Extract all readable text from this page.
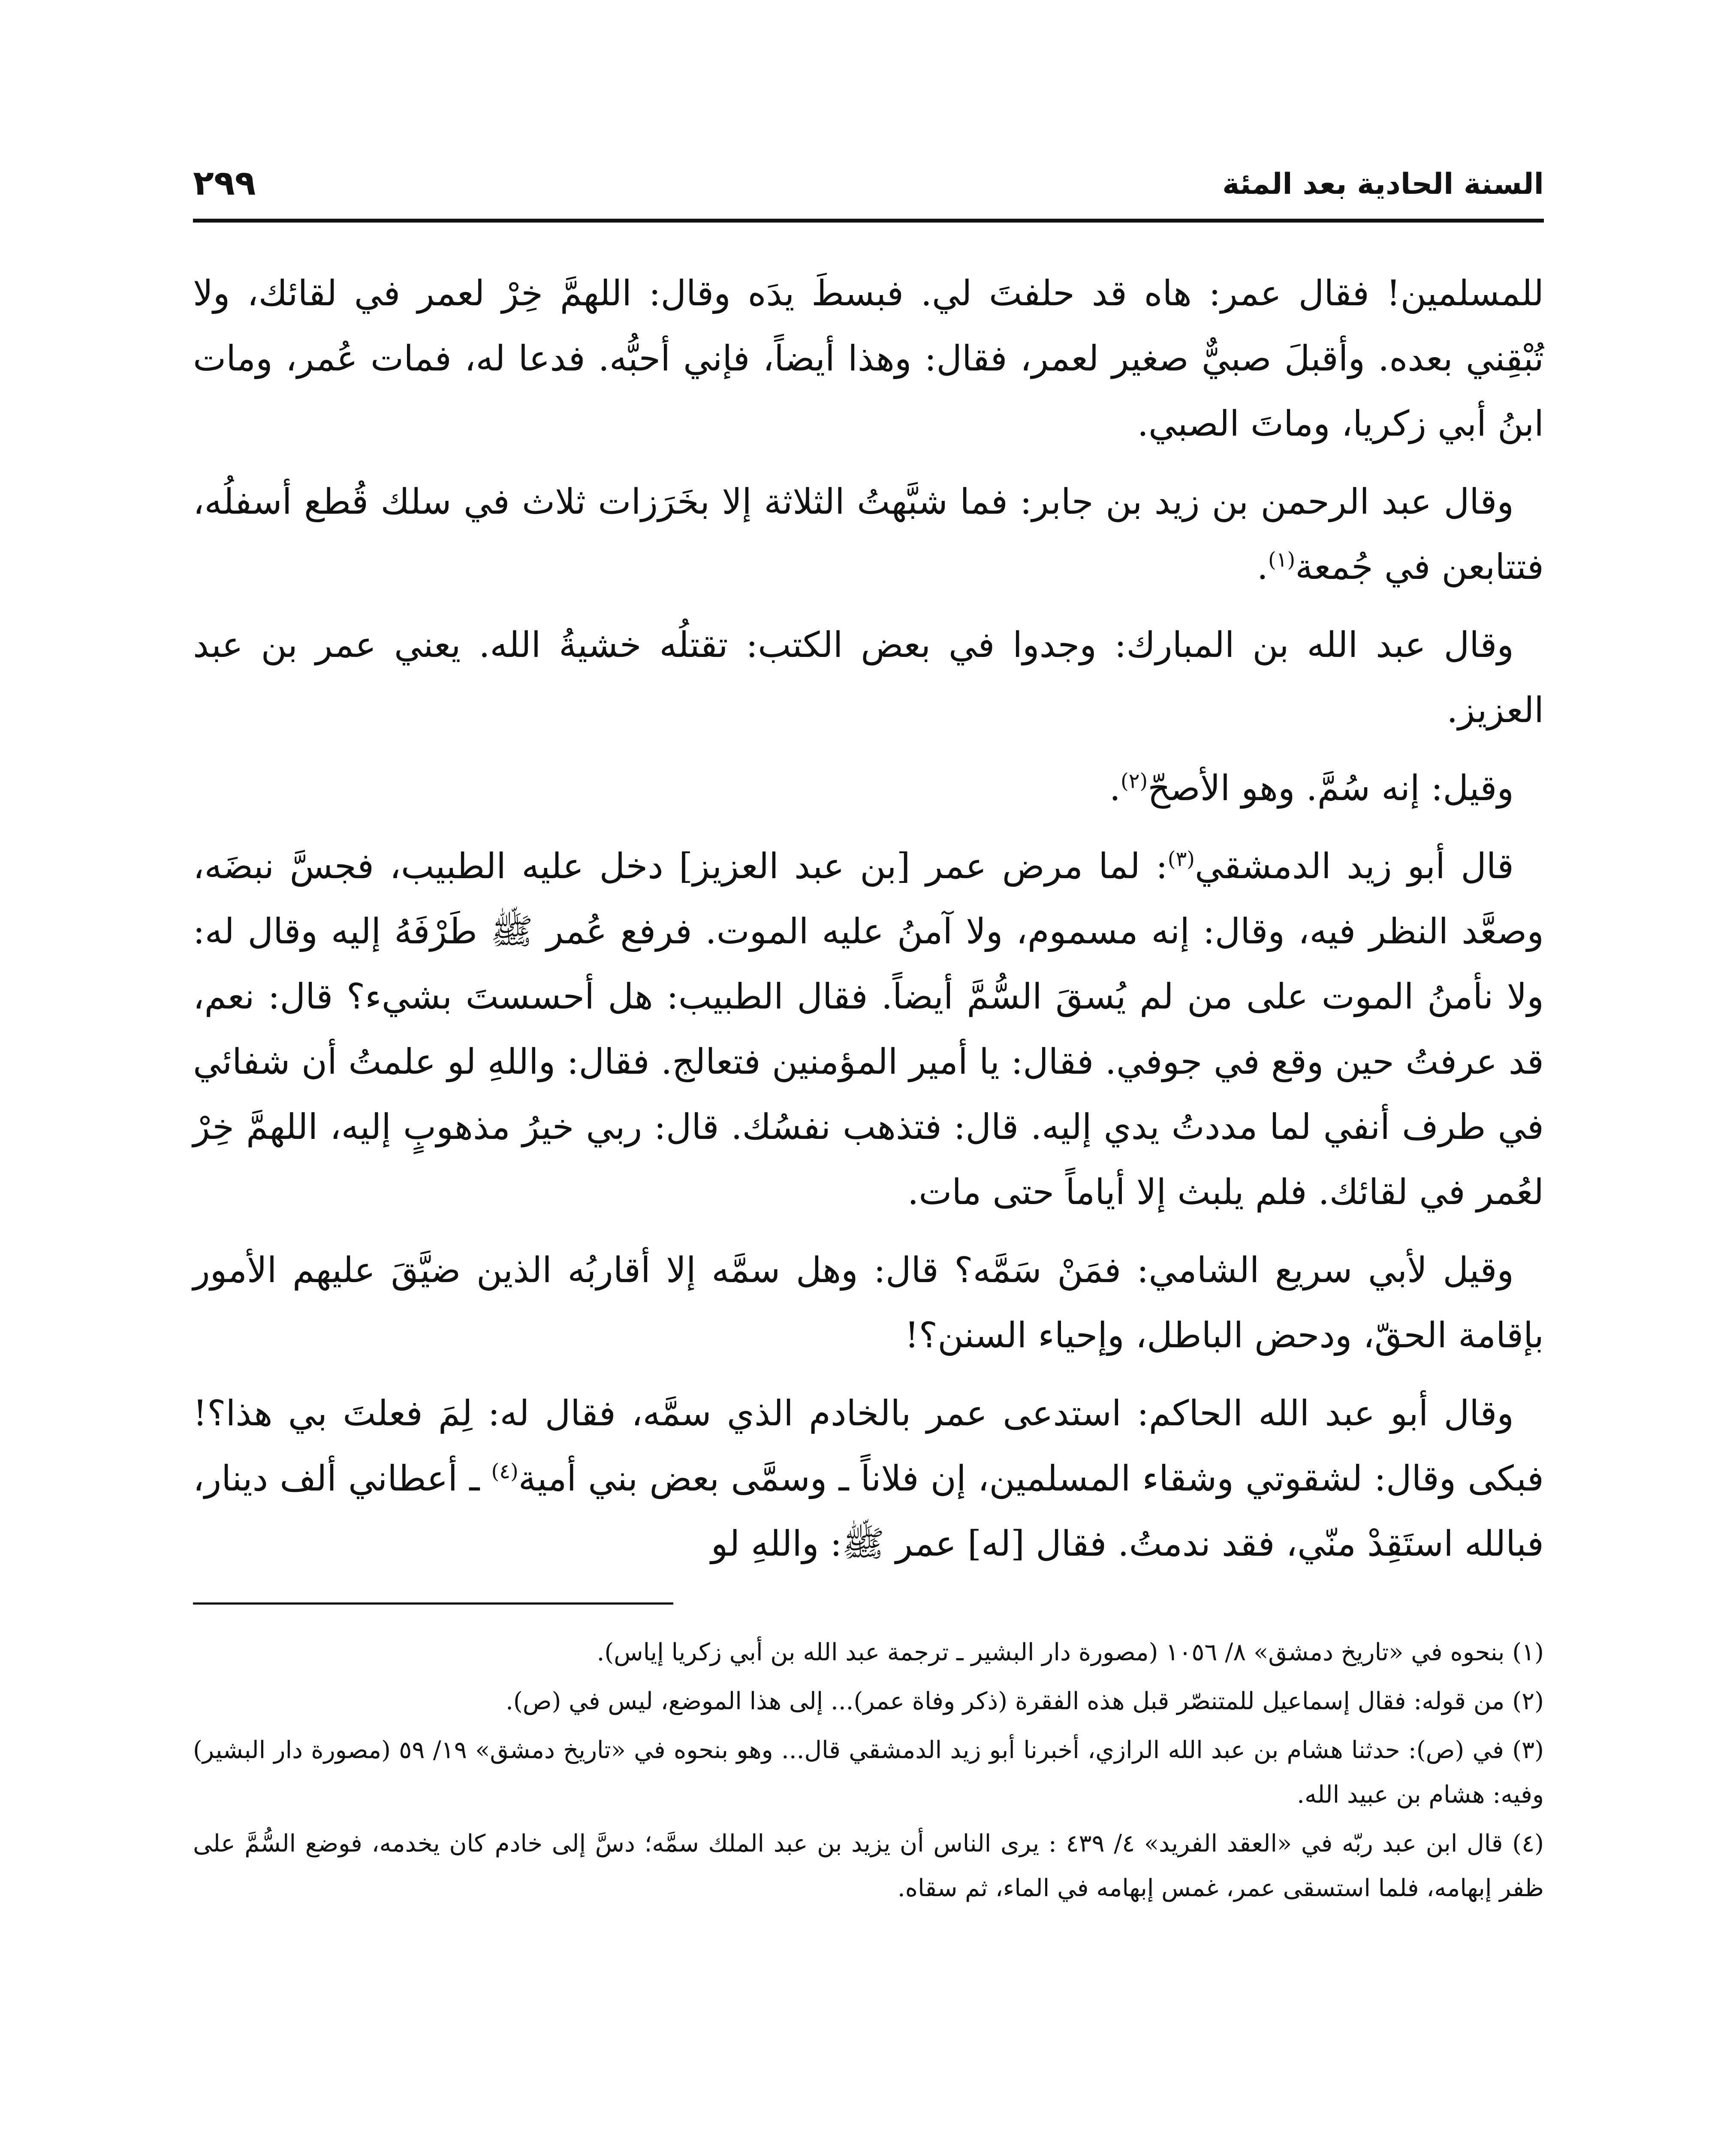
السنة الحادية بعد المئة
٢٩٩

للمسلمين! فقال عمر: هاه قد حلفتَ لي. فبسطَ يدَه وقال: اللهمَّ خِرْ لعمر في لقائك، ولا تُبْقِني بعده. وأقبلَ صبيٌّ صغير لعمر، فقال: وهذا أيضاً، فإني أحبُّه. فدعا له، فمات عُمر، ومات ابنُ أبي زكريا، وماتَ الصبي.

وقال عبد الرحمن بن زيد بن جابر: فما شبَّهتُ الثلاثة إلا بخَرَزات ثلاث في سلك قُطع أسفلُه، فتتابعن في جُمعة$^{(١)}$.

وقال عبد الله بن المبارك: وجدوا في بعض الكتب: تقتلُه خشيةُ الله. يعني عمر بن عبد العزيز.

وقيل: إنه سُمَّ. وهو الأصحّ$^{(٢)}$.

قال أبو زيد الدمشقي$^{(٣)}$: لما مرض عمر [بن عبد العزيز] دخل عليه الطبيب، فجسَّ نبضَه، وصعَّد النظر فيه، وقال: إنه مسموم، ولا آمنُ عليه الموت. فرفع عُمر ﷺ طَرْفَهُ إليه وقال له: ولا نأمنُ الموت على من لم يُسقَ السُّمَّ أيضاً. فقال الطبيب: هل أحسستَ بشيء؟ قال: نعم، قد عرفتُ حين وقع في جوفي. فقال: يا أمير المؤمنين فتعالج. فقال: واللهِ لو علمتُ أن شفائي في طرف أنفي لما مددتُ يدي إليه. قال: فتذهب نفسُك. قال: ربي خيرُ مذهوبٍ إليه، اللهمَّ خِرْ لعُمر في لقائك. فلم يلبث إلا أياماً حتى مات.

وقيل لأبي سريع الشامي: فمَنْ سَمَّه؟ قال: وهل سمَّه إلا أقاربُه الذين ضيَّقَ عليهم الأمور بإقامة الحقّ، ودحض الباطل، وإحياء السنن؟!

وقال أبو عبد الله الحاكم: استدعى عمر بالخادم الذي سمَّه، فقال له: لِمَ فعلتَ بي هذا؟! فبكى وقال: لشقوتي وشقاء المسلمين، إن فلاناً ـ وسمَّى بعض بني أمية$^{(٤)}$ ـ أعطاني ألف دينار، فبالله استَقِدْ منّي، فقد ندمتُ. فقال [له] عمر ﷺ: واللهِ لو

(١) بنحوه في «تاريخ دمشق» ٨/ ١٠٥٦ (مصورة دار البشير ـ ترجمة عبد الله بن أبي زكريا إياس).

(٢) من قوله: فقال إسماعيل للمتنصّر قبل هذه الفقرة (ذكر وفاة عمر)... إلى هذا الموضع، ليس في (ص).

(٣) في (ص): حدثنا هشام بن عبد الله الرازي، أخبرنا أبو زيد الدمشقي قال... وهو بنحوه في «تاريخ دمشق» ١٩/ ٥٩ (مصورة دار البشير) وفيه: هشام بن عبيد الله.

(٤) قال ابن عبد ربّه في «العقد الفريد» ٤/ ٤٣٩ : يرى الناس أن يزيد بن عبد الملك سمَّه؛ دسَّ إلى خادم كان يخدمه، فوضع السُّمَّ على ظفر إبهامه، فلما استسقى عمر، غمس إبهامه في الماء، ثم سقاه.
